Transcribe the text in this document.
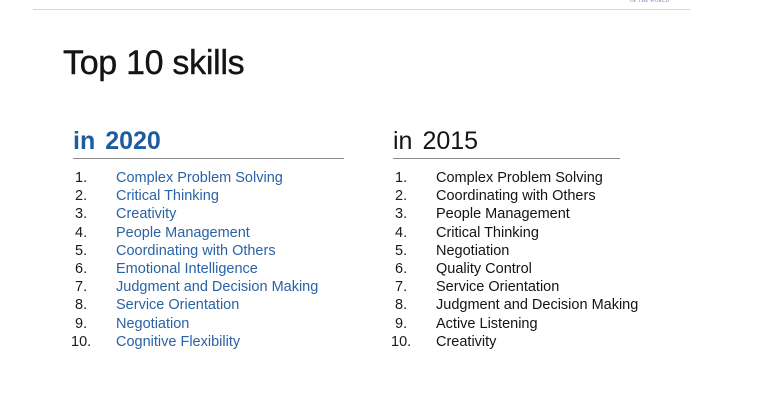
OF THE WORLD
Top 10 skills
in 2020
1. Complex Problem Solving
2. Critical Thinking
3. Creativity
4. People Management
5. Coordinating with Others
6. Emotional Intelligence
7. Judgment and Decision Making
8. Service Orientation
9. Negotiation
10. Cognitive Flexibility
in 2015
1. Complex Problem Solving
2. Coordinating with Others
3. People Management
4. Critical Thinking
5. Negotiation
6. Quality Control
7. Service Orientation
8. Judgment and Decision Making
9. Active Listening
10. Creativity
